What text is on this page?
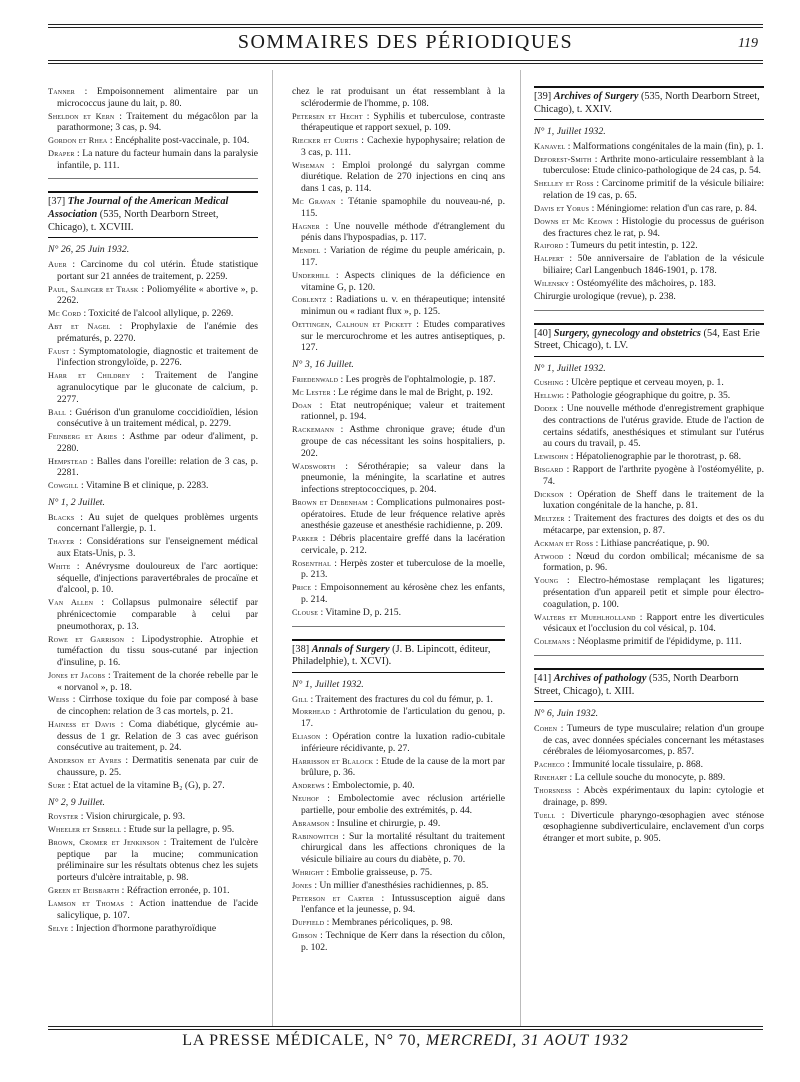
SOMMAIRES DES PÉRIODIQUES	119
Tanner : Empoisonnement alimentaire par un micrococcus jaune du lait, p. 80.
Sheldon et Kern : Traitement du mégacôlon par la parathormone; 3 cas, p. 94.
Gordon et Rhea : Encéphalite post-vaccinale, p. 104.
Draper : La nature du facteur humain dans la paralysie infantile, p. 111.
[37] The Journal of the American Medical Association (535, North Dearborn Street, Chicago), t. XCVIII.
N° 26, 25 Juin 1932.
Auer : Carcinome du col utérin. Étude statistique portant sur 21 années de traitement, p. 2259.
Paul, Salinger et Trask : Poliomyélite « abortive », p. 2262.
Mc Cord : Toxicité de l'alcool allylique, p. 2269.
Abt et Nagel : Prophylaxie de l'anémie des prématurés, p. 2270.
Faust : Symptomatologie, diagnostic et traitement de l'infection strongyloïde, p. 2276.
Harr et Childrey : Traitement de l'angine agranulocytique par le gluconate de calcium, p. 2277.
Ball : Guérison d'un granulome coccidioïdien, lésion consécutive à un traitement médical, p. 2279.
Feinberg et Aries : Asthme par odeur d'aliment, p. 2280.
Hempstead : Balles dans l'oreille: relation de 3 cas, p. 2281.
Cowgill : Vitamine B et clinique, p. 2283.
N° 1, 2 Juillet.
Blacks : Au sujet de quelques problèmes urgents concernant l'allergie, p. 1.
Thayer : Considérations sur l'enseignement médical aux Etats-Unis, p. 3.
White : Anévrysme douloureux de l'arc aortique: séquelle, d'injections paravertébrales de procaïne et d'alcool, p. 10.
Van Allen : Collapsus pulmonaire sélectif par phrénicectomie comparable à celui par pneumothorax, p. 13.
Rowe et Garrison : Lipodystrophie. Atrophie et tuméfaction du tissu sous-cutané par injection d'insuline, p. 16.
Jones et Jacobs : Traitement de la chorée rebelle par le « norvanol », p. 18.
Weiss : Cirrhose toxique du foie par composé à base de cincophen: relation de 3 cas mortels, p. 21.
Hainess et Davis : Coma diabétique, glycémie au-dessus de 1 gr. Relation de 3 cas avec guérison consécutive au traitement, p. 24.
Anderson et Ayres : Dermatitis senenata par cuir de chaussure, p. 25.
Sure : Etat actuel de la vitamine B₂ (G), p. 27.
N° 2, 9 Juillet.
Royster : Vision chirurgicale, p. 93.
Wheeler et Sebrell : Etude sur la pellagre, p. 95.
Brown, Cromer et Jenkinson : Traitement de l'ulcère peptique par la mucine; communication préliminaire sur les résultats obtenus chez les sujets porteurs d'ulcère intraitable, p. 98.
Green et Beisbarth : Réfraction erronée, p. 101.
Lamson et Thomas : Action inattendue de l'acide salicylique, p. 107.
Selye : Injection d'hormone parathyroïdique
chez le rat produisant un état ressemblant à la sclérodermie de l'homme, p. 108.
Petersen et Hecht : Syphilis et tuberculose, contraste thérapeutique et rapport sexuel, p. 109.
Riecker et Curtis : Cachexie hypophysaire; relation de 3 cas, p. 111.
Wiseman : Emploi prolongé du salyrgan comme diurétique. Relation de 270 injections en cinq ans dans 1 cas, p. 114.
Mc Gravan : Tétanie spamophile du nouveau-né, p. 115.
Hagner : Une nouvelle méthode d'étranglement du pénis dans l'hypospadias, p. 117.
Mendel : Variation de régime du peuple américain, p. 117.
Underhill : Aspects cliniques de la déficience en vitamine G, p. 120.
Coblentz : Radiations u. v. en thérapeutique; intensité minimun ou « radiant flux », p. 125.
Oettingen, Calhoun et Pickett : Etudes comparatives sur le mercurochrome et les autres antiseptiques, p. 127.
N° 3, 16 Juillet.
Friedenwald : Les progrès de l'ophtalmologie, p. 187.
Mc Lester : Le régime dans le mal de Bright, p. 192.
Doan : Etat neutropénique; valeur et traitement rationnel, p. 194.
Rackemann : Asthme chronique grave; étude d'un groupe de cas nécessitant les soins hospitaliers, p. 202.
Wadsworth : Sérothérapie; sa valeur dans la pneumonie, la méningite, la scarlatine et autres infections streptococciques, p. 204.
Brown et Debenham : Complications pulmonaires post-opératoires. Etude de leur fréquence relative après anesthésie gazeuse et anesthésie rachidienne, p. 209.
Parker : Débris placentaire greffé dans la lacération cervicale, p. 212.
Rosenthal : Herpès zoster et tuberculose de la moelle, p. 213.
Price : Empoisonnement au kérosène chez les enfants, p. 214.
Clouse : Vitamine D, p. 215.
[38] Annals of Surgery (J. B. Lipincott, éditeur, Philadelphie), t. XCVI).
N° 1, Juillet 1932.
Gill : Traitement des fractures du col du fémur, p. 1.
Morrhead : Arthrotomie de l'articulation du genou, p. 17.
Eliason : Opération contre la luxation radio-cubitale inférieure récidivante, p. 27.
Harrisson et Blalock : Etude de la cause de la mort par brûlure, p. 36.
Andrews : Embolectomie, p. 40.
Neuhof : Embolectomie avec réclusion artérielle partielle, pour embolie des extrémités, p. 44.
Abramson : Insuline et chirurgie, p. 49.
Rabinowitch : Sur la mortalité résultant du traitement chirurgical dans les affections chroniques de la vésicule biliaire au cours du diabète, p. 70.
Whright : Embolie graisseuse, p. 75.
Jones : Un millier d'anesthésies rachidiennes, p. 85.
Peterson et Carter : Intussusception aiguë dans l'enfance et la jeunesse, p. 94.
Duffield : Membranes péricoliques, p. 98.
Gibson : Technique de Kerr dans la résection du côlon, p. 102.
[39] Archives of Surgery (535, North Dearborn Street, Chicago), t. XXIV.
N° 1, Juillet 1932.
Kanavel : Malformations congénitales de la main (fin), p. 1.
Deforest-Smith : Arthrite mono-articulaire ressemblant à la tuberculose: Etude clinico-pathologique de 24 cas, p. 54.
Shelley et Ross : Carcinome primitif de la vésicule biliaire: relation de 19 cas, p. 65.
Davis et Yorus : Méningiome: relation d'un cas rare, p. 84.
Downs et Mc Keown : Histologie du processus de guérison des fractures chez le rat, p. 94.
Raiford : Tumeurs du petit intestin, p. 122.
Halpert : 50e anniversaire de l'ablation de la vésicule biliaire; Carl Langenbuch 1846-1901, p. 178.
Wilensky : Ostéomyélite des mâchoires, p. 183.
Chirurgie urologique (revue), p. 238.
[40] Surgery, gynecology and obstetrics (54, East Erie Street, Chicago), t. LV.
N° 1, Juillet 1932.
Cushing : Ulcère peptique et cerveau moyen, p. 1.
Hellwig : Pathologie géographique du goitre, p. 35.
Dodek : Une nouvelle méthode d'enregistrement graphique des contractions de l'utérus gravide. Etude de l'action de certains sédatifs, anesthésiques et stimulant sur l'utérus au cours du travail, p. 45.
Lewisohn : Hépatolienographie par le thorotrast, p. 68.
Bisgard : Rapport de l'arthrite pyogène à l'ostéomyélite, p. 74.
Dickson : Opération de Sheff dans le traitement de la luxation congénitale de la hanche, p. 81.
Meltzer : Traitement des fractures des doigts et des os du métacarpe, par extension, p. 87.
Ackman et Ross : Lithiase pancréatique, p. 90.
Atwood : Nœud du cordon ombilical; mécanisme de sa formation, p. 96.
Young : Electro-hémostase remplaçant les ligatures; présentation d'un appareil petit et simple pour électro-coagulation, p. 100.
Walters et Muehlholland : Rapport entre les diverticules vésicaux et l'occlusion du col vésical, p. 104.
Colemans : Néoplasme primitif de l'épididyme, p. 111.
[41] Archives of pathology (535, North Dearborn Street, Chicago), t. XIII.
N° 6, Juin 1932.
Cohen : Tumeurs de type musculaire; relation d'un groupe de cas, avec données spéciales concernant les métastases cérébrales de léiomyosarcomes, p. 857.
Pacheco : Immunité locale tissulaire, p. 868.
Rinehart : La cellule souche du monocyte, p. 889.
Thorsness : Abcès expérimentaux du lapin: cytologie et drainage, p. 899.
Tuell : Diverticule pharyngo-œsophagien avec sténose œsophagienne subdiverticulaire, enclavement d'un corps étranger et mort subite, p. 905.
LA PRESSE MÉDICALE, N° 70, MERCREDI, 31 AOUT 1932
